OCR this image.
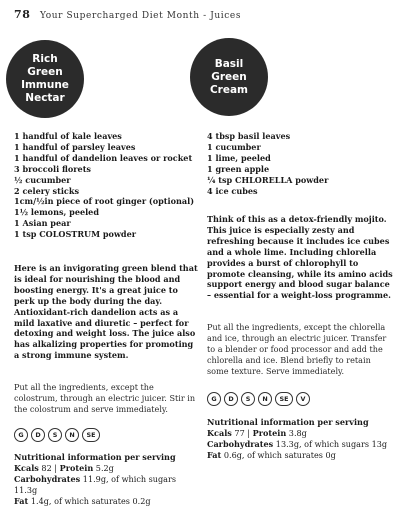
78 Your Supercharged Diet Month - Juices
Rich Green
Immune
Nectar
1 handful of kale leaves
1 handful of parsley leaves
1 handful of dandelion leaves or rocket
3 broccoli florets
½ cucumber
2 celery sticks
1cm/½in piece of root ginger (optional)
1½ lemons, peeled
1 Asian pear
1 tsp COLOSTRUM powder

Here is an invigorating green blend that is ideal for nourishing the blood and boosting energy. It's a great juice to perk up the body during the day. Antioxidant-rich dandelion acts as a mild laxative and diuretic – perfect for detoxing and weight loss. The juice also has alkalizing properties for promoting a strong immune system.

Put all the ingredients, except the colostrum, through an electric juicer. Stir in the colostrum and serve immediately.

G	D	S	N	SE

Nutritional information per serving
Kcals 82 | Protein 5.2g
Carbohydrates 11.9g, of which sugars 11.3g
Fat 1.4g, of which saturates 0.2g

Basil Green
Cream
4 tbsp basil leaves
1 cucumber
1 lime, peeled
1 green apple
¼ tsp CHLORELLA powder
4 ice cubes

Think of this as a detox-friendly mojito. This juice is especially zesty and refreshing because it includes ice cubes and a whole lime. Including chlorella provides a burst of chlorophyll to promote cleansing, while its amino acids support energy and blood sugar balance – essential for a weight-loss programme.

Put all the ingredients, except the chlorella and ice, through an electric juicer. Transfer to a blender or food processor and add the chlorella and ice. Blend briefly to retain some texture. Serve immediately.

G	D	S	N	SE	V

Nutritional information per serving
Kcals 77 | Protein 3.8g
Carbohydrates 13.3g, of which sugars 13g
Fat 0.6g, of which saturates 0g
